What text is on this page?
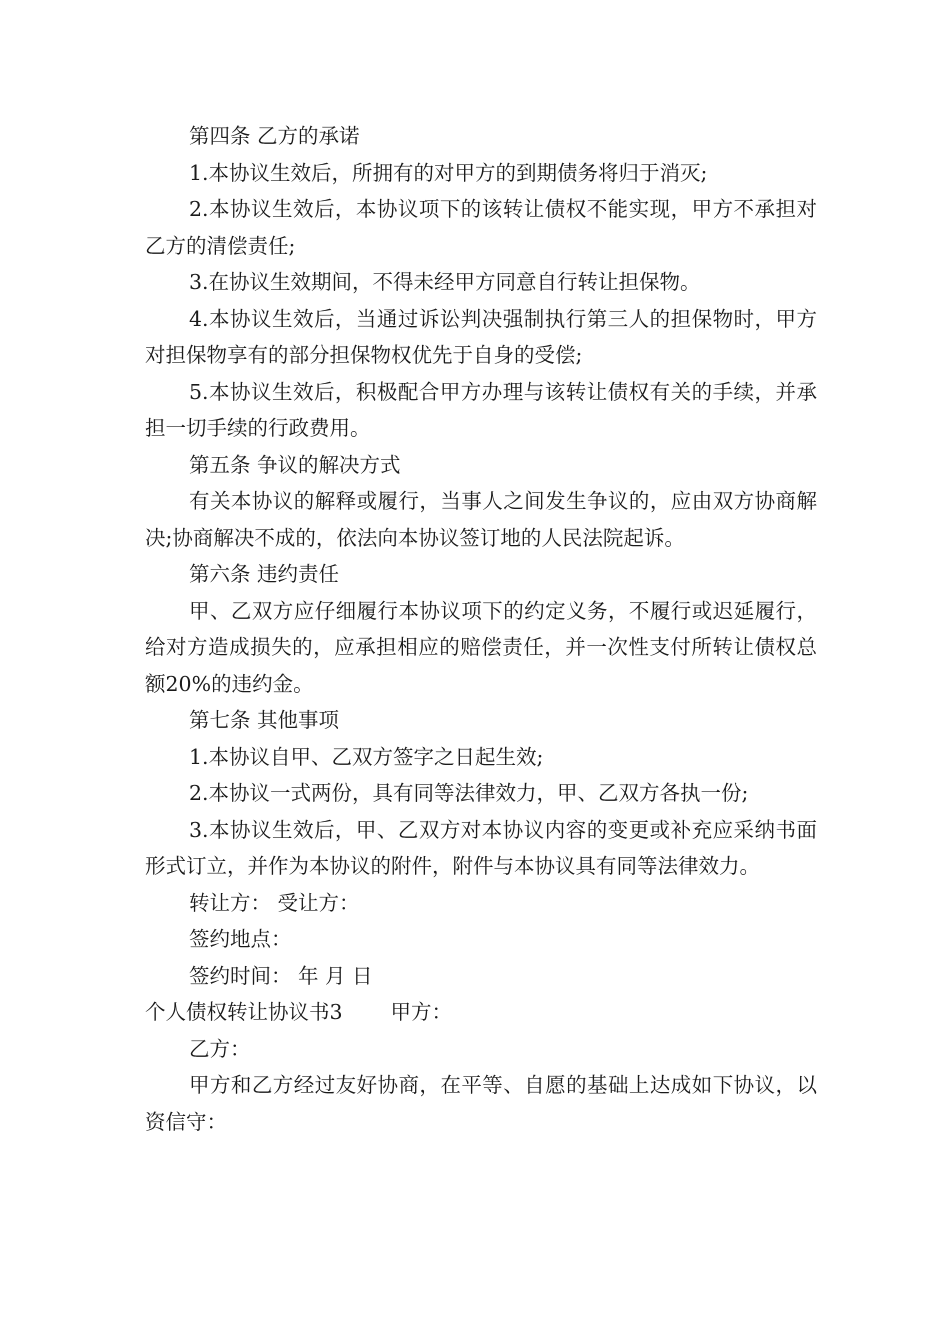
第四条 乙方的承诺

1.本协议生效后，所拥有的对甲方的到期债务将归于消灭;

2.本协议生效后，本协议项下的该转让债权不能实现，甲方不承担对乙方的清偿责任;

3.在协议生效期间，不得未经甲方同意自行转让担保物。

4.本协议生效后，当通过诉讼判决强制执行第三人的担保物时，甲方对担保物享有的部分担保物权优先于自身的受偿;

5.本协议生效后，积极配合甲方办理与该转让债权有关的手续，并承担一切手续的行政费用。

第五条 争议的解决方式

有关本协议的解释或履行，当事人之间发生争议的，应由双方协商解决;协商解决不成的，依法向本协议签订地的人民法院起诉。

第六条 违约责任

甲、乙双方应仔细履行本协议项下的约定义务，不履行或迟延履行，给对方造成损失的，应承担相应的赔偿责任，并一次性支付所转让债权总额20%的违约金。

第七条 其他事项

1.本协议自甲、乙双方签字之日起生效;

2.本协议一式两份，具有同等法律效力，甲、乙双方各执一份;

3.本协议生效后，甲、乙双方对本协议内容的变更或补充应采纳书面形式订立，并作为本协议的附件，附件与本协议具有同等法律效力。

转让方： 受让方：

签约地点：

签约时间： 年 月 日

个人债权转让协议书3 甲方：

乙方：

甲方和乙方经过友好协商，在平等、自愿的基础上达成如下协议，以资信守：
